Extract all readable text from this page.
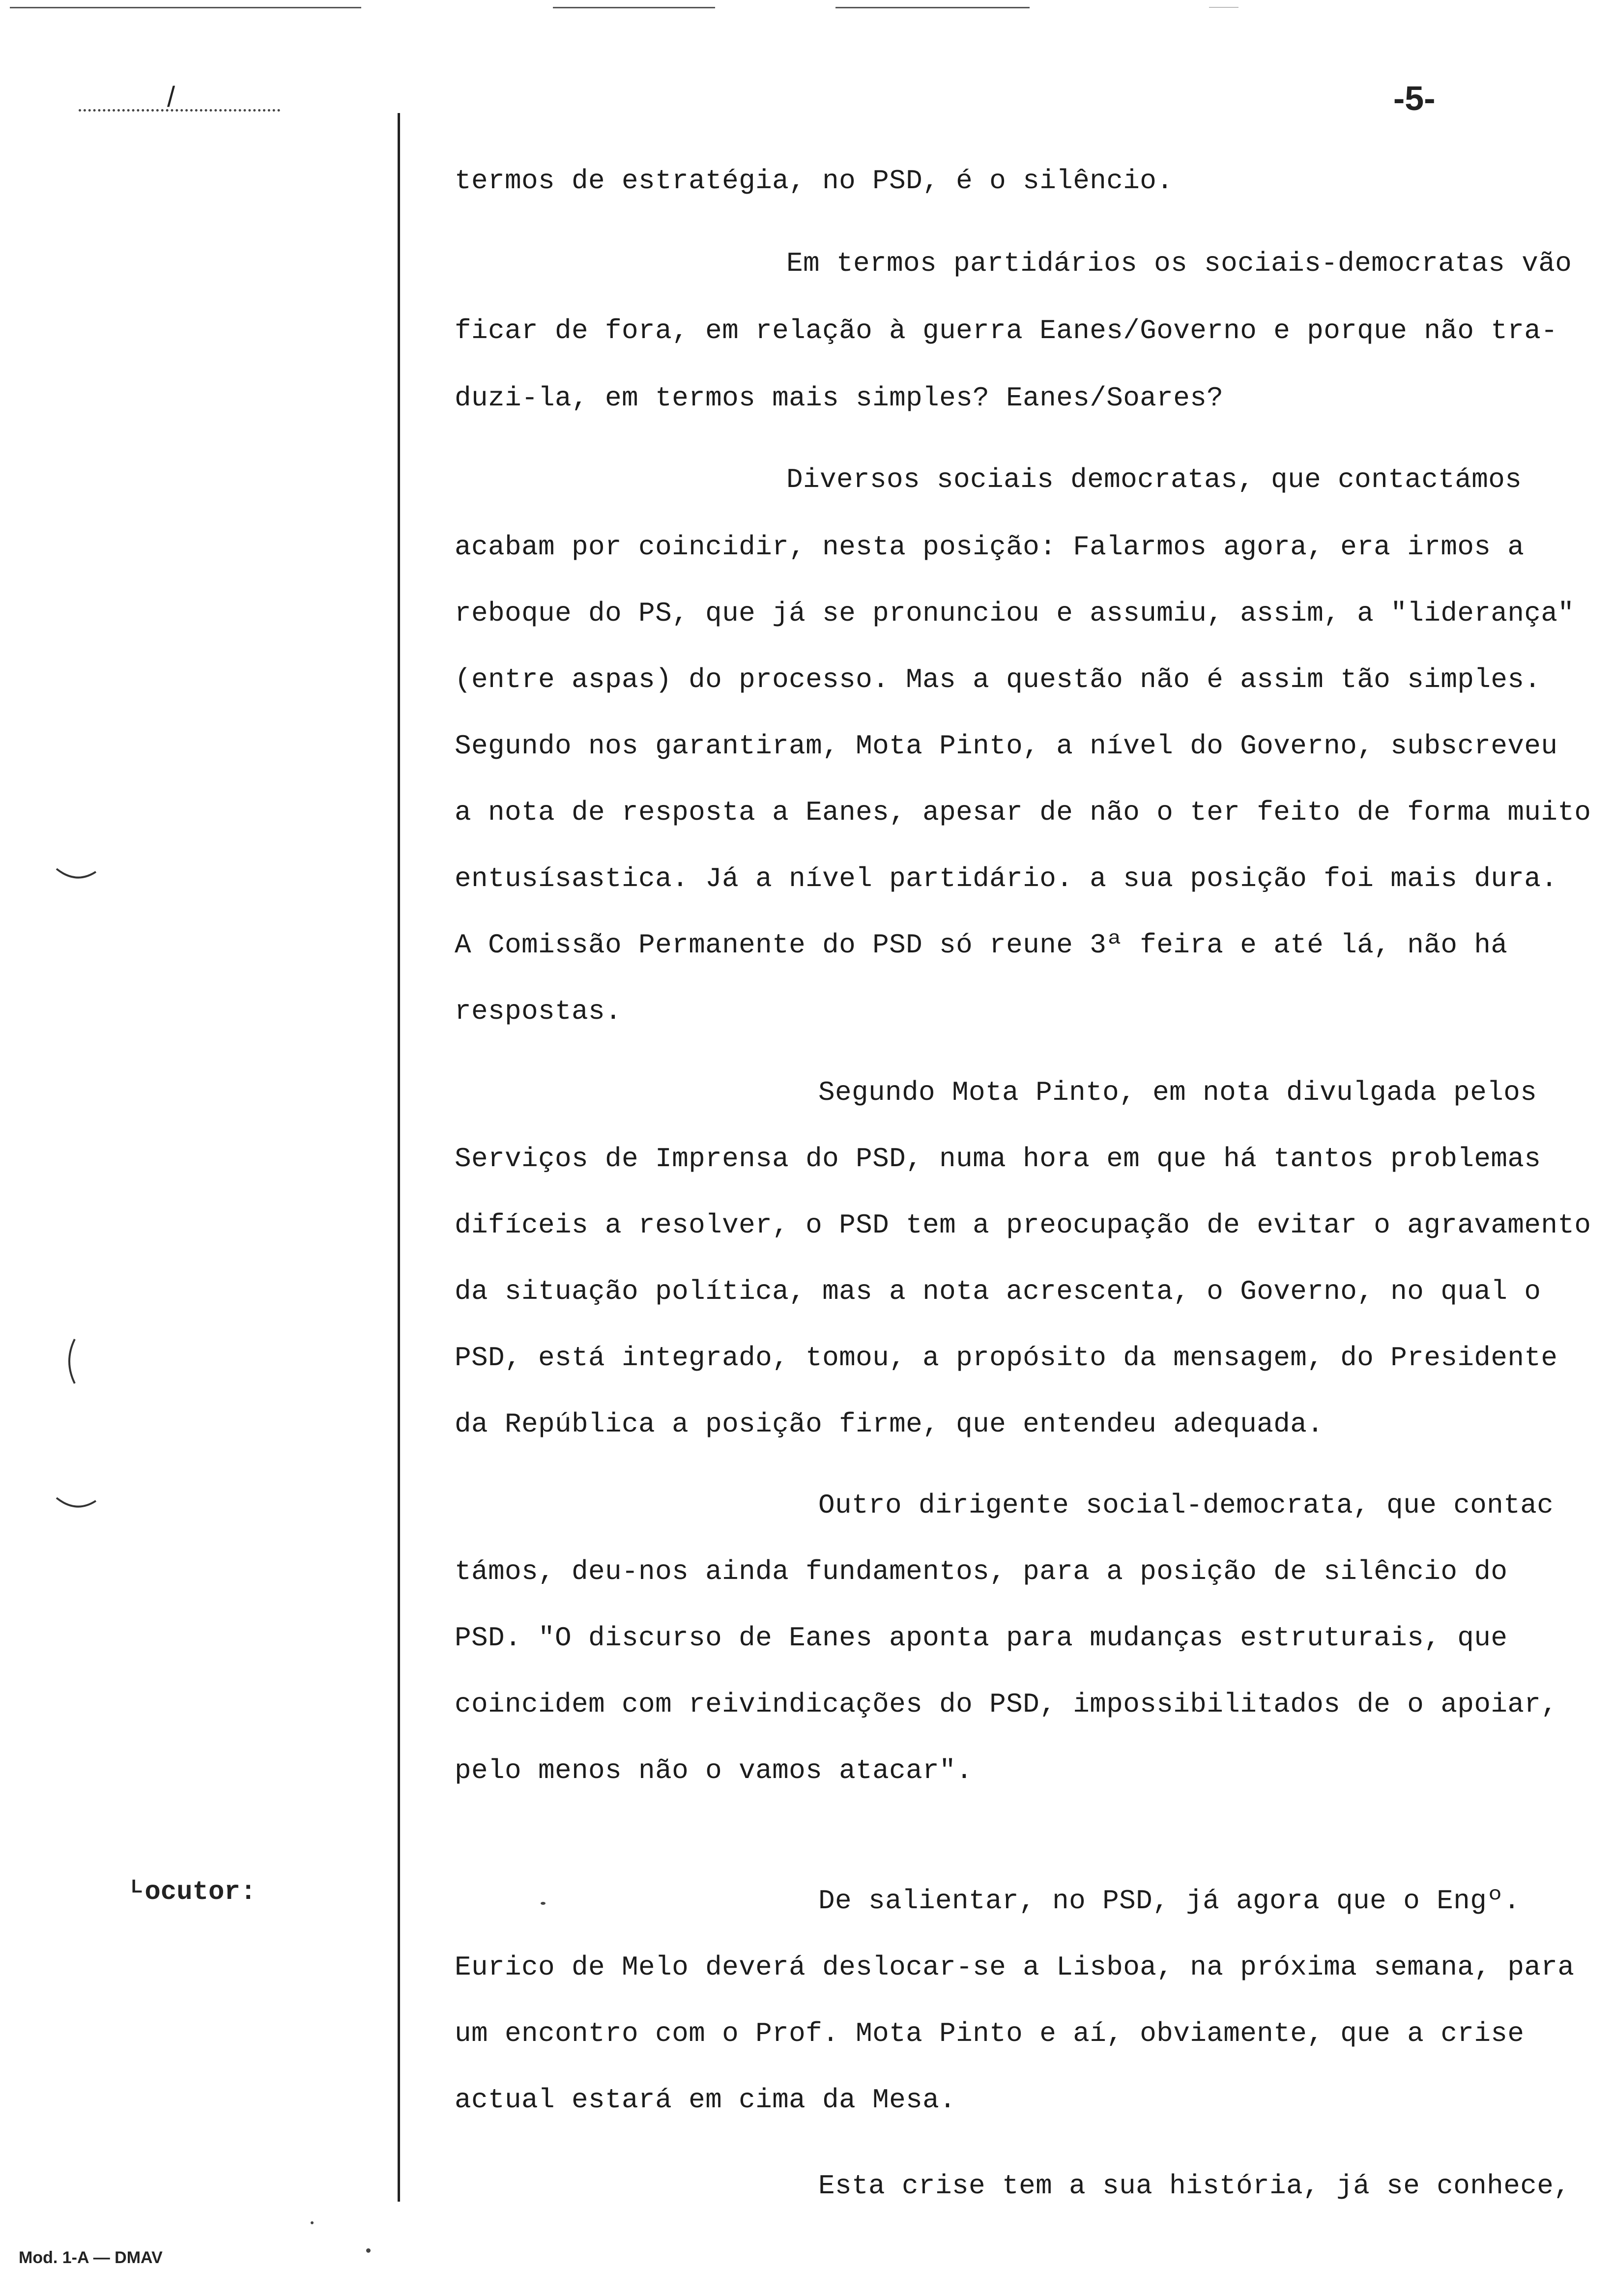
/	-5-
ᴸocutor:
termos de estratégia, no PSD, é o silêncio.
Em termos partidários os sociais-democratas vão
ficar de fora, em relação à guerra Eanes/Governo e porque não tra-
duzi-la, em termos mais simples? Eanes/Soares?
Diversos sociais democratas, que contactámos
acabam por coincidir, nesta posição: Falarmos agora, era irmos a
reboque do PS, que já se pronunciou e assumiu, assim, a "liderança"
(entre aspas) do processo. Mas a questão não é assim tão simples.
Segundo nos garantiram, Mota Pinto, a nível do Governo, subscreveu
a nota de resposta a Eanes, apesar de não o ter feito de forma muito
entusísastica. Já a nível partidário. a sua posição foi mais dura.
A Comissão Permanente do PSD só reune 3ª feira e até lá, não há
respostas.
Segundo Mota Pinto, em nota divulgada pelos
Serviços de Imprensa do PSD, numa hora em que há tantos problemas
difíceis a resolver, o PSD tem a preocupação de evitar o agravamento
da situação política, mas a nota acrescenta, o Governo, no qual o
PSD, está integrado, tomou, a propósito da mensagem, do Presidente
da República a posição firme, que entendeu adequada.
Outro dirigente social-democrata, que contac
támos, deu-nos ainda fundamentos, para a posição de silêncio do
PSD. "O discurso de Eanes aponta para mudanças estruturais, que
coincidem com reivindicações do PSD, impossibilitados de o apoiar,
pelo menos não o vamos atacar".
De salientar, no PSD, já agora que o Engº.
Eurico de Melo deverá deslocar-se a Lisboa, na próxima semana, para
um encontro com o Prof. Mota Pinto e aí, obviamente, que a crise
actual estará em cima da Mesa.
Esta crise tem a sua história, já se conhece,
Mod. 1-A — DMAV
